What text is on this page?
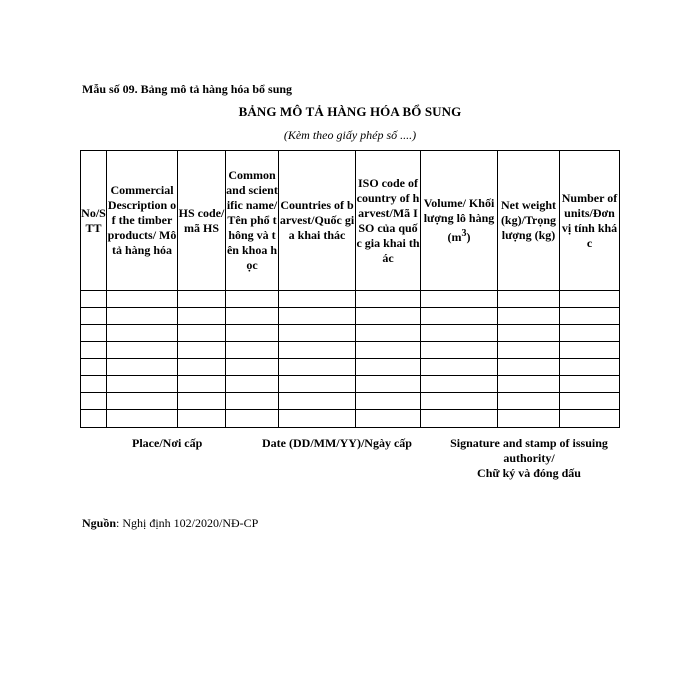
Mẫu số 09. Bảng mô tả hàng hóa bổ sung
BẢNG MÔ TẢ HÀNG HÓA BỔ SUNG
(Kèm theo giấy phép số ....)
No/STT	Commercial Description of the timber products/ Mô tả hàng hóa	HS code/mã HS	Common and scientific name/ Tên phổ thông và tên khoa học	Countries of barvest/Quốc gia khai thác	ISO code of country of harvest/Mã ISO của quốc gia khai thác	Volume/ Khối lượng lô hàng $(m^3)$	Net weight (kg)/Trọng lượng (kg)	Number of units/Đơn vị tính khác

Place/Nơi cấp	Date (DD/MM/YY)/Ngày cấp	Signature and stamp of issuing authority/
Chữ ký và đóng dấu
Nguồn: Nghị định 102/2020/NĐ-CP
